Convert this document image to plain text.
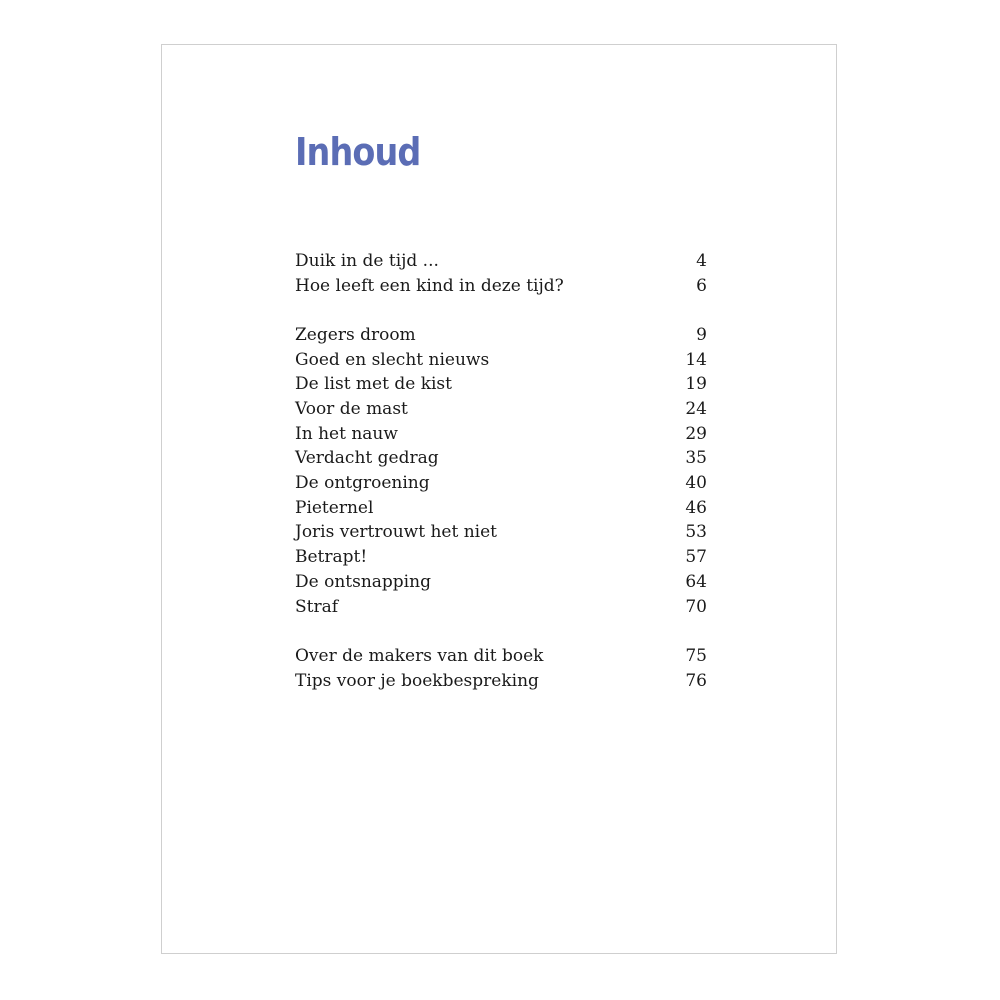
Inhoud
Duik in de tijd ...	4
Hoe leeft een kind in deze tijd?	6
Zegers droom	9
Goed en slecht nieuws	14
De list met de kist	19
Voor de mast	24
In het nauw	29
Verdacht gedrag	35
De ontgroening	40
Pieternel	46
Joris vertrouwt het niet	53
Betrapt!	57
De ontsnapping	64
Straf	70
Over de makers van dit boek	75
Tips voor je boekbespreking	76
